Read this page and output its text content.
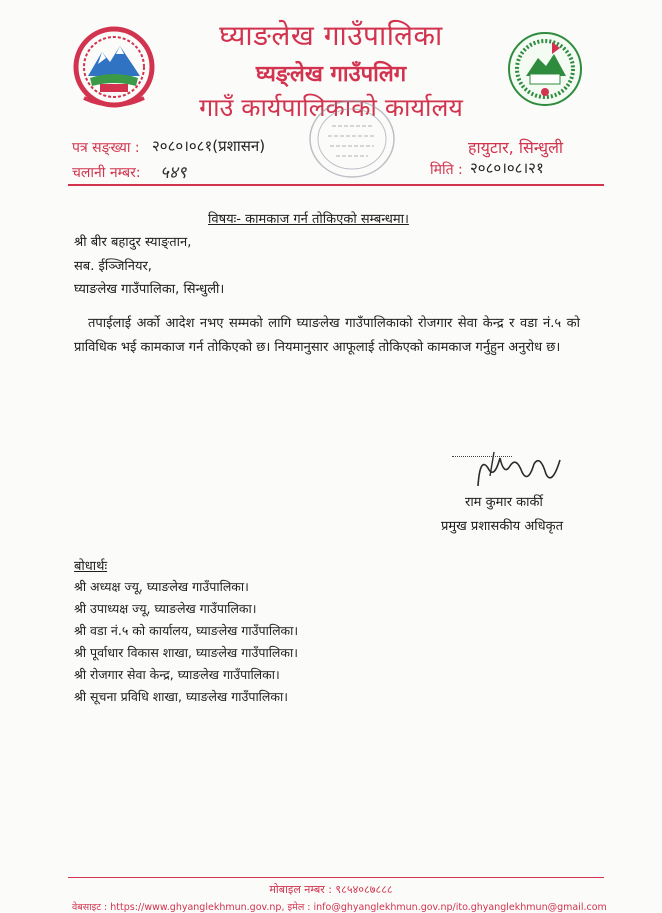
घ्याङलेख गाउँपालिका
घ्यङ्लेख गाउँपलिग
गाउँ कार्यपालिकाको कार्यालय
पत्र सङ्ख्या : २०८०।०८१(प्रशासन)	हायुटार, सिन्धुली
चलानी नम्बर: ५४९	मिति : २०८०।०८।२१
विषयः- कामकाज गर्न तोकिएको सम्बन्धमा।
श्री बीर बहादुर स्याङ्तान,
सब. ईञ्जिनियर,
घ्याङलेख गाउँपालिका, सिन्धुली।
तपाईलाई अर्को आदेश नभए सम्मको लागि घ्याङलेख गाउँपालिकाको रोजगार सेवा केन्द्र र वडा नं.५ को प्राविधिक भई कामकाज गर्न तोकिएको छ। नियमानुसार आफूलाई तोकिएको कामकाज गर्नुहुन अनुरोध छ।
राम कुमार कार्की
प्रमुख प्रशासकीय अधिकृत
बोधार्थः
श्री अध्यक्ष ज्यू, घ्याङलेख गाउँपालिका।
श्री उपाध्यक्ष ज्यू, घ्याङलेख गाउँपालिका।
श्री वडा नं.५ को कार्यालय, घ्याङलेख गाउँपालिका।
श्री पूर्वाधार विकास शाखा, घ्याङलेख गाउँपालिका।
श्री रोजगार सेवा केन्द्र, घ्याङलेख गाउँपालिका।
श्री सूचना प्रविधि शाखा, घ्याङलेख गाउँपालिका।
मोबाइल नम्बर : ९८५४०८७८८८
वेबसाइट : https://www.ghyanglekhmun.gov.np, इमेल : info@ghyanglekhmun.gov.np/ito.ghyanglekhmun@gmail.com
